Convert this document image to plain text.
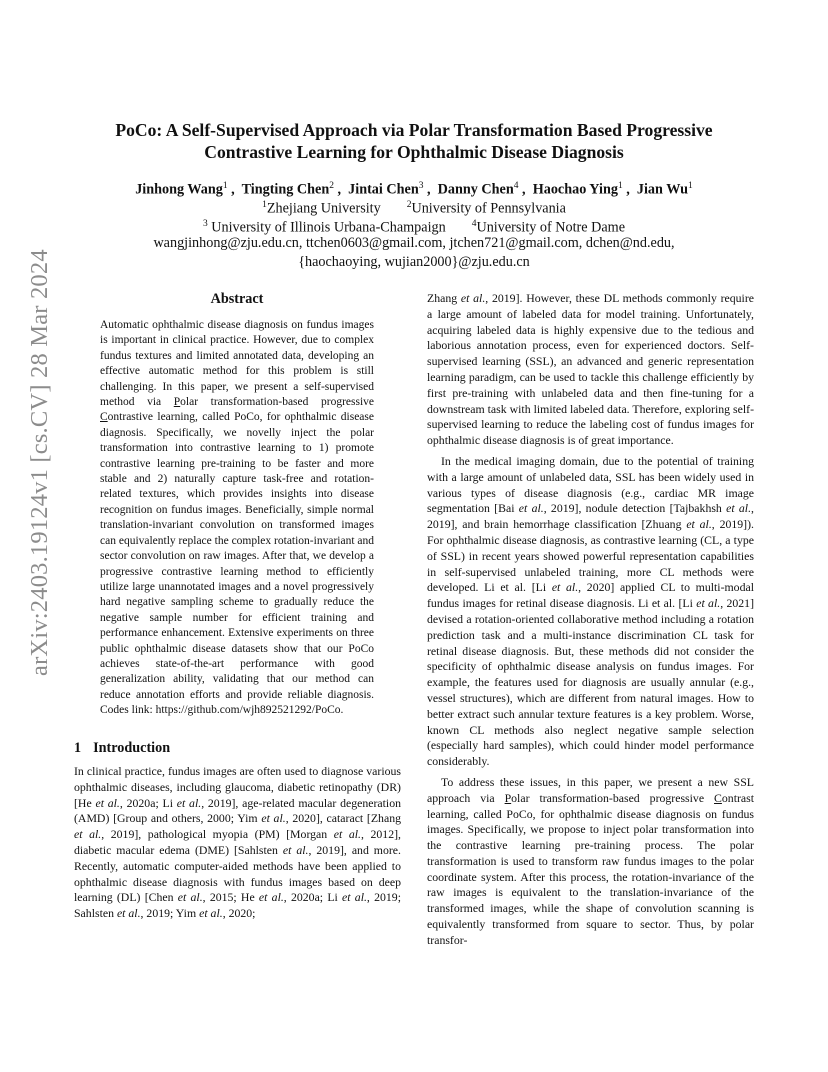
arXiv:2403.19124v1 [cs.CV] 28 Mar 2024
PoCo: A Self-Supervised Approach via Polar Transformation Based Progressive
Contrastive Learning for Ophthalmic Disease Diagnosis
Jinhong Wang$^1$ ,  Tingting Chen$^2$ ,  Jintai Chen$^3$ ,  Danny Chen$^4$ ,  Haochao Ying$^1$ ,  Jian Wu$^1$
$^1$Zhejiang University	$^2$University of Pennsylvania
$^3$ University of Illinois Urbana-Champaign	$^4$University of Notre Dame
wangjinhong@zju.edu.cn, ttchen0603@gmail.com, jtchen721@gmail.com, dchen@nd.edu,
{haochaoying, wujian2000}@zju.edu.cn
Abstract
Automatic ophthalmic disease diagnosis on fundus images is important in clinical practice. However, due to complex fundus textures and limited annotated data, developing an effective automatic method for this problem is still challenging. In this paper, we present a self-supervised method via Polar transformation-based progressive Contrastive learning, called PoCo, for ophthalmic disease diagnosis. Specifically, we novelly inject the polar transformation into contrastive learning to 1) promote contrastive learning pre-training to be faster and more stable and 2) naturally capture task-free and rotation-related textures, which provides insights into disease recognition on fundus images. Beneficially, simple normal translation-invariant convolution on transformed images can equivalently replace the complex rotation-invariant and sector convolution on raw images. After that, we develop a progressive contrastive learning method to efficiently utilize large unannotated images and a novel progressively hard negative sampling scheme to gradually reduce the negative sample number for efficient training and performance enhancement. Extensive experiments on three public ophthalmic disease datasets show that our PoCo achieves state-of-the-art performance with good generalization ability, validating that our method can reduce annotation efforts and provide reliable diagnosis. Codes link: https://github.com/wjh892521292/PoCo.
1 Introduction
In clinical practice, fundus images are often used to diagnose various ophthalmic diseases, including glaucoma, diabetic retinopathy (DR) [He et al., 2020a; Li et al., 2019], age-related macular degeneration (AMD) [Group and others, 2000; Yim et al., 2020], cataract [Zhang et al., 2019], pathological myopia (PM) [Morgan et al., 2012], diabetic macular edema (DME) [Sahlsten et al., 2019], and more. Recently, automatic computer-aided methods have been applied to ophthalmic disease diagnosis with fundus images based on deep learning (DL) [Chen et al., 2015; He et al., 2020a; Li et al., 2019; Sahlsten et al., 2019; Yim et al., 2020;

Zhang et al., 2019]. However, these DL methods commonly require a large amount of labeled data for model training. Unfortunately, acquiring labeled data is highly expensive due to the tedious and laborious annotation process, even for experienced doctors. Self-supervised learning (SSL), an advanced and generic representation learning paradigm, can be used to tackle this challenge efficiently by first pre-training with unlabeled data and then fine-tuning for a downstream task with limited labeled data. Therefore, exploring self-supervised learning to reduce the labeling cost of fundus images for ophthalmic disease diagnosis is of great importance.

In the medical imaging domain, due to the potential of training with a large amount of unlabeled data, SSL has been widely used in various types of disease diagnosis (e.g., cardiac MR image segmentation [Bai et al., 2019], nodule detection [Tajbakhsh et al., 2019], and brain hemorrhage classification [Zhuang et al., 2019]). For ophthalmic disease diagnosis, as contrastive learning (CL, a type of SSL) in recent years showed powerful representation capabilities in self-supervised unlabeled training, more CL methods were developed. Li et al. [Li et al., 2020] applied CL to multi-modal fundus images for retinal disease diagnosis. Li et al. [Li et al., 2021] devised a rotation-oriented collaborative method including a rotation prediction task and a multi-instance discrimination CL task for retinal disease diagnosis. But, these methods did not consider the specificity of ophthalmic disease analysis on fundus images. For example, the features used for diagnosis are usually annular (e.g., vessel structures), which are different from natural images. How to better extract such annular texture features is a key problem. Worse, known CL methods also neglect negative sample selection (especially hard samples), which could hinder model performance considerably.

To address these issues, in this paper, we present a new SSL approach via Polar transformation-based progressive Contrast learning, called PoCo, for ophthalmic disease diagnosis on fundus images. Specifically, we propose to inject polar transformation into the contrastive learning pre-training process. The polar transformation is used to transform raw fundus images to the polar coordinate system. After this process, the rotation-invariance of the raw images is equivalent to the translation-invariance of the transformed images, while the shape of convolution scanning is equivalently transformed from square to sector. Thus, by polar transfor-
